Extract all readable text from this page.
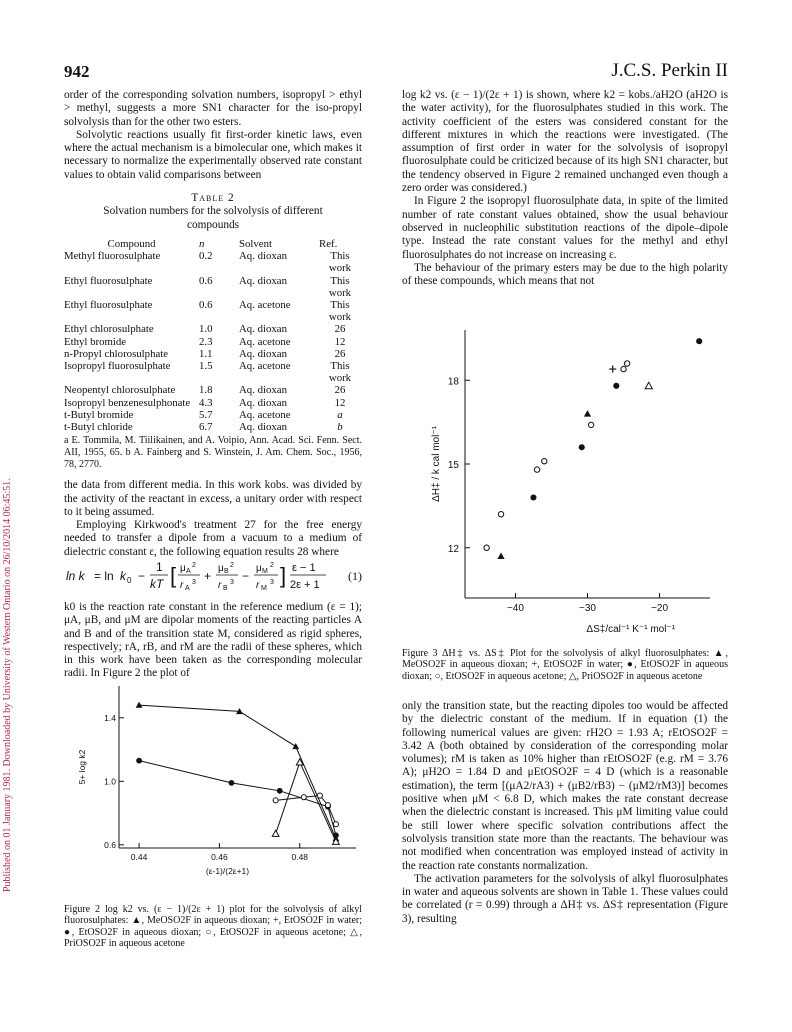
942	J.C.S. Perkin II
Published on 01 January 1981. Downloaded by University of Western Ontario on 26/10/2014 06:45:51.

order of the corresponding solvation numbers, isopropyl > ethyl > methyl, suggests a more SN1 character for the iso-propyl solvolysis than for the other two esters.

Solvolytic reactions usually fit first-order kinetic laws, even where the actual mechanism is a bimolecular one, which makes it necessary to normalize the experimentally observed rate constant values to obtain valid comparisons between

Table 2
Solvation numbers for the solvolysis of different compounds
Compound	n	Solvent	Ref.
Methyl fluorosulphate	0.2	Aq. dioxan	This work
Ethyl fluorosulphate	0.6	Aq. dioxan	This work
Ethyl fluorosulphate	0.6	Aq. acetone	This work
Ethyl chlorosulphate	1.0	Aq. dioxan	26
Ethyl bromide	2.3	Aq. acetone	12
n-Propyl chlorosulphate	1.1	Aq. dioxan	26
Isopropyl fluorosulphate	1.5	Aq. acetone	This work
Neopentyl chlorosulphate	1.8	Aq. dioxan	26
Isopropyl benzenesulphonate	4.3	Aq. dioxan	12
t-Butyl bromide	5.7	Aq. acetone	a
t-Butyl chloride	6.7	Aq. dioxan	b
a E. Tommila, M. Tiilikainen, and A. Voipio, Ann. Acad. Sci. Fenn. Sect. AII, 1955, 65. b A. Fainberg and S. Winstein, J. Am. Chem. Soc., 1956, 78, 2770.

the data from different media. In this work kobs. was divided by the activity of the reactant in excess, a unitary order with respect to it being assumed.

Employing Kirkwood's treatment 27 for the free energy needed to transfer a dipole from a vacuum to a medium of dielectric constant ε, the following equation results 28 where

ln k = ln k 0 −
1
kT [ μ A
2
r A
3 +
μ B
2
r B
3 −
μ M
2
r M
3 ] ε − 1
2ε + 1
(1)

k0 is the reaction rate constant in the reference medium (ε = 1); μA, μB, and μM are dipolar moments of the reacting particles A and B and of the transition state M, considered as rigid spheres, respectively; rA, rB, and rM are the radii of these spheres, which in this work have been taken as the corresponding molecular radii. In Figure 2 the plot of

0.44	0.46	0.48
0.6
1.0
1.4
(ε-1)/(2ε+1)
5+ log k2
Figure 2 log k2 vs. (ε − 1)/(2ε + 1) plot for the solvolysis of alkyl fluorosulphates: ▲, MeOSO2F in aqueous dioxan; +, EtOSO2F in water; ●, EtOSO2F in aqueous dioxan; ○, EtOSO2F in aqueous acetone; △, PriOSO2F in aqueous acetone

log k2 vs. (ε − 1)/(2ε + 1) is shown, where k2 = kobs./aH2O (aH2O is the water activity), for the fluorosulphates studied in this work. The activity coefficient of the esters was considered constant for the different mixtures in which the reactions were investigated. (The assumption of first order in water for the solvolysis of isopropyl fluorosulphate could be criticized because of its high SN1 character, but the tendency observed in Figure 2 remained unchanged even though a zero order was considered.)

In Figure 2 the isopropyl fluorosulphate data, in spite of the limited number of rate constant values obtained, show the usual behaviour observed in nucleophilic substitution reactions of the dipole–dipole type. Instead the rate constant values for the methyl and ethyl fluorosulphates do not increase on increasing ε.

The behaviour of the primary esters may be due to the high polarity of these compounds, which means that not

−40	−30	−20
12
15
18
ΔS‡/cal⁻¹ K⁻¹ mol⁻¹
ΔH‡ / k cal mol⁻¹
Figure 3 ΔH‡ vs. ΔS‡ Plot for the solvolysis of alkyl fluorosulphates: ▲, MeOSO2F in aqueous dioxan; +, EtOSO2F in water; ●, EtOSO2F in aqueous dioxan; ○, EtOSO2F in aqueous acetone; △, PriOSO2F in aqueous acetone

only the transition state, but the reacting dipoles too would be affected by the dielectric constant of the medium. If in equation (1) the following numerical values are given: rH2O = 1.93 A; rEtOSO2F = 3.42 A (both obtained by consideration of the corresponding molar volumes); rM is taken as 10% higher than rEtOSO2F (e.g. rM = 3.76 A); μH2O = 1.84 D and μEtOSO2F = 4 D (which is a reasonable estimation), the term [(μA2/rA3) + (μB2/rB3) − (μM2/rM3)] becomes positive when μM < 6.8 D, which makes the rate constant decrease when the dielectric constant is increased. This μM limiting value could be still lower where specific solvation contributions affect the solvolysis transition state more than the reactants. The behaviour was not modified when concentration was employed instead of activity in the reaction rate constants normalization.

The activation parameters for the solvolysis of alkyl fluorosulphates in water and aqueous solvents are shown in Table 1. These values could be correlated (r = 0.99) through a ΔH‡ vs. ΔS‡ representation (Figure 3), resulting
